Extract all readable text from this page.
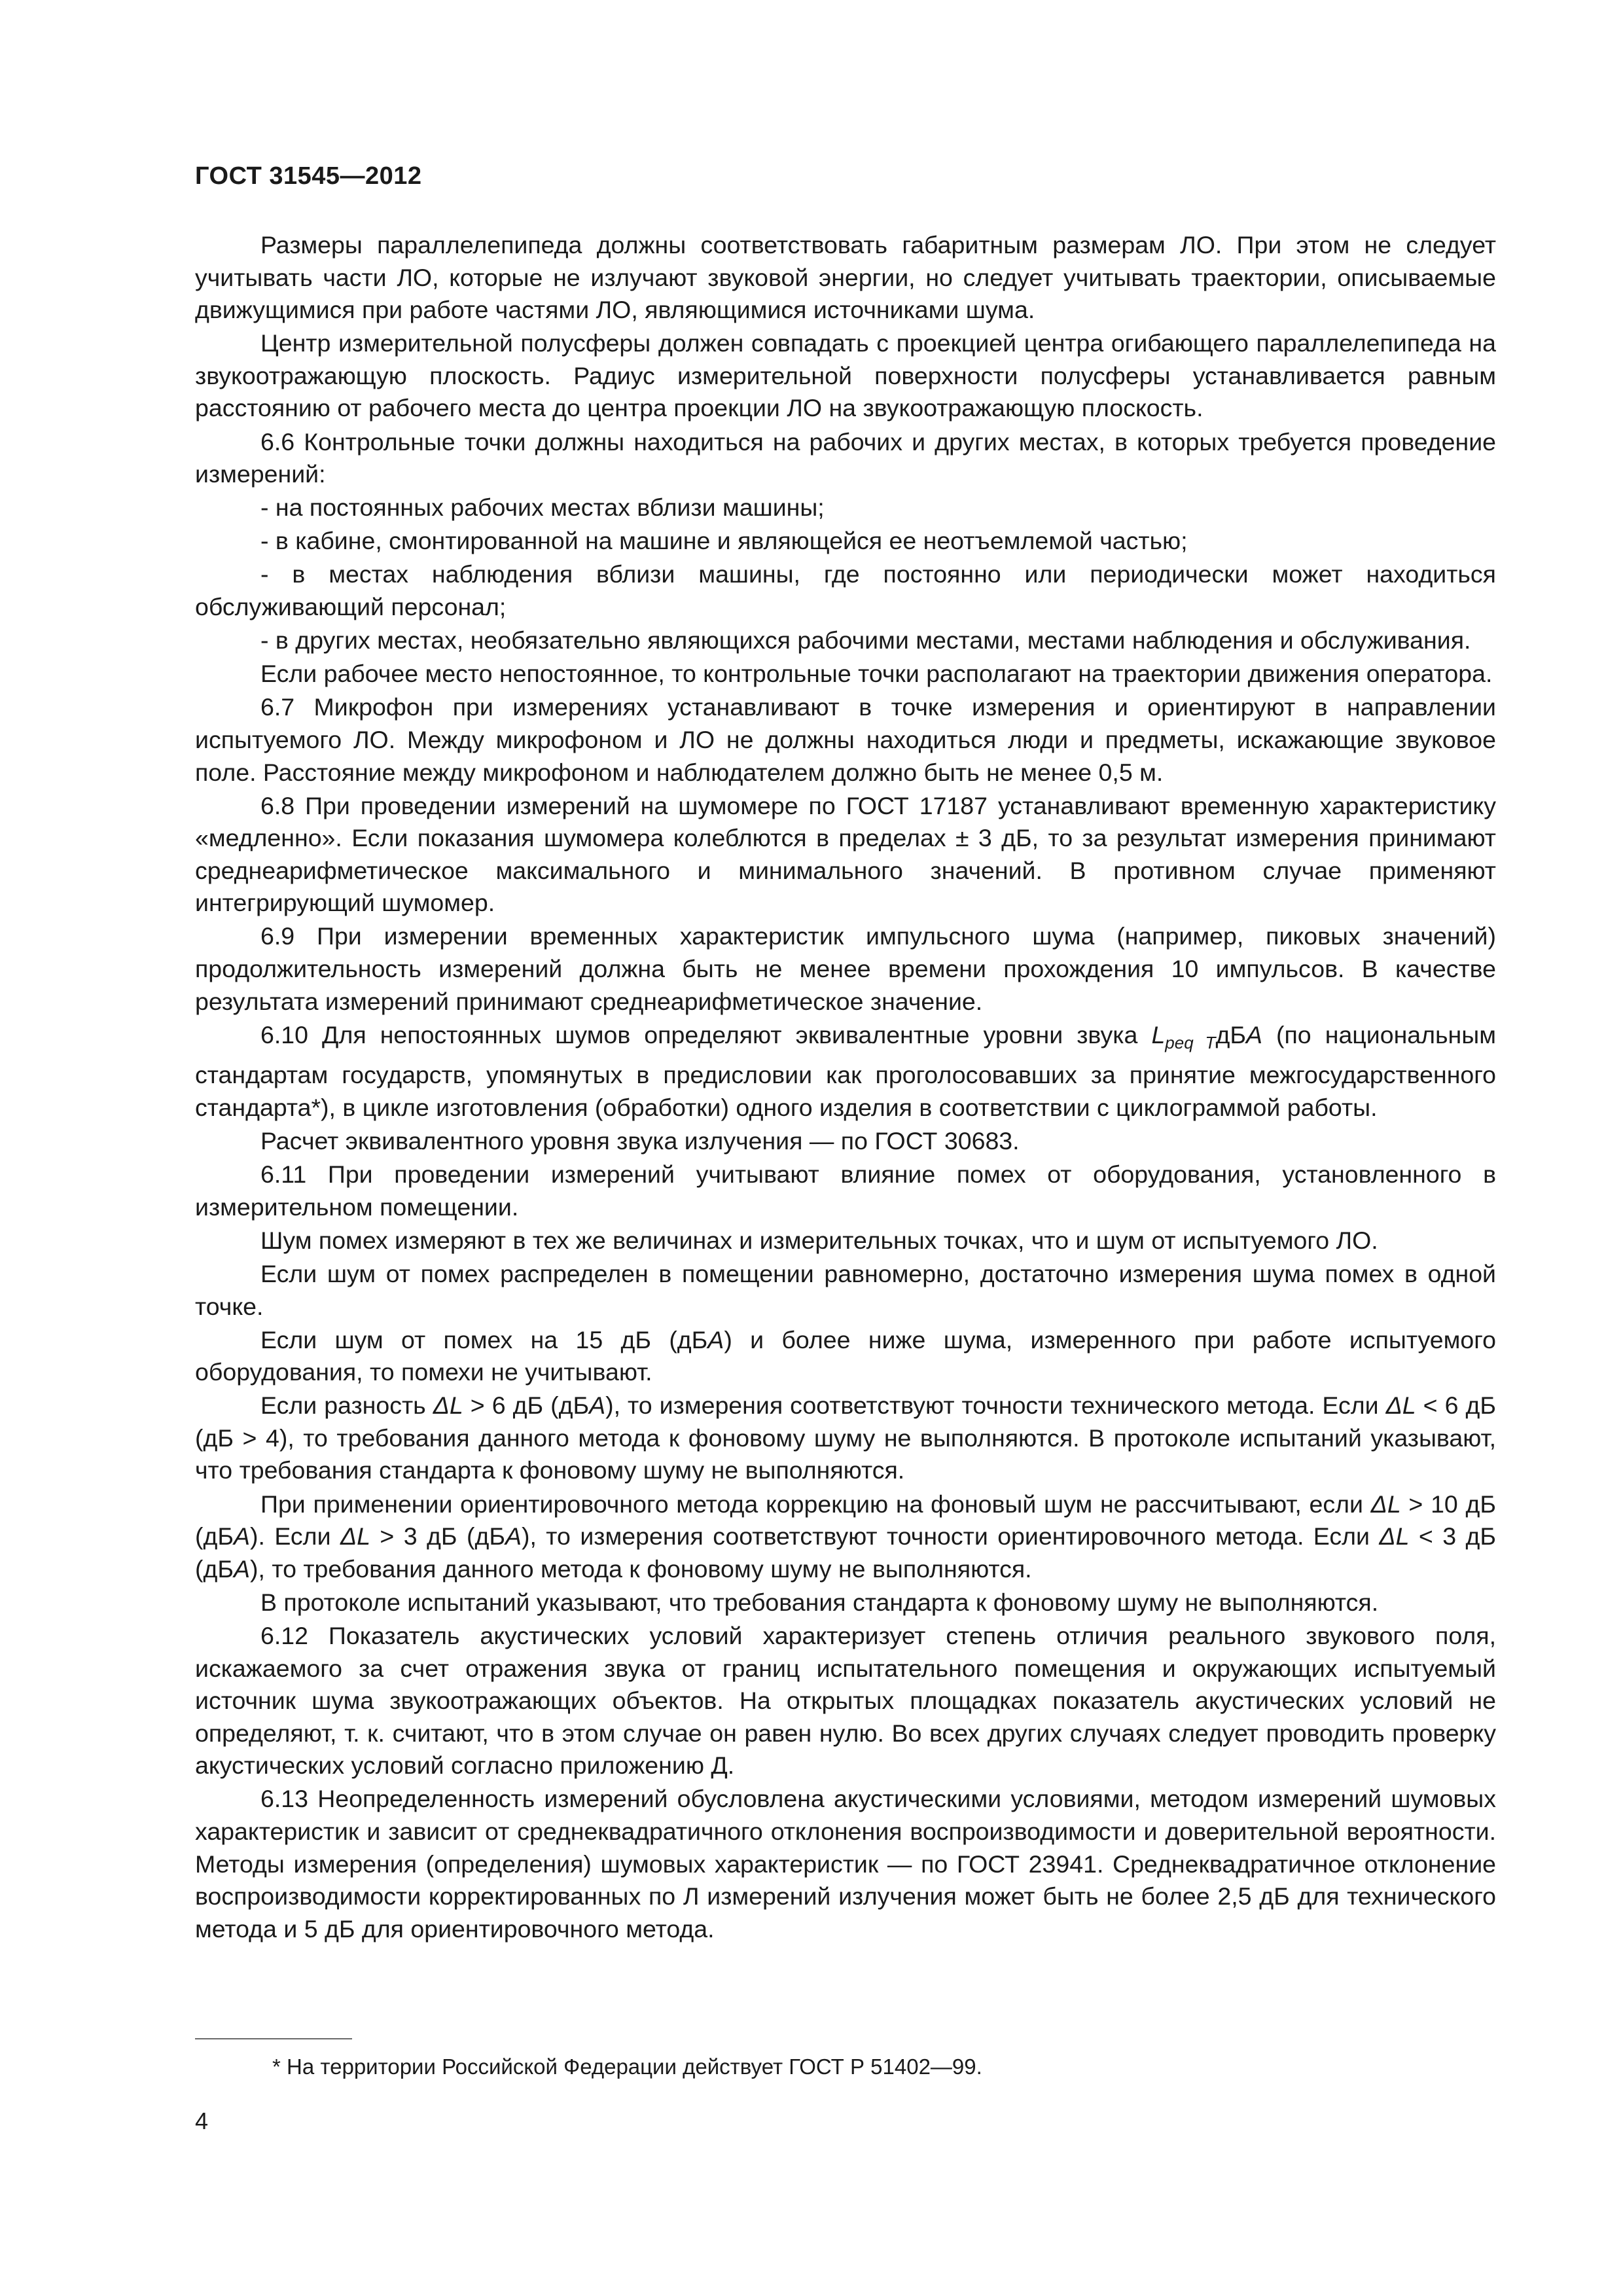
ГОСТ 31545—2012

Размеры параллелепипеда должны соответствовать габаритным размерам ЛО. При этом не следует учитывать части ЛО, которые не излучают звуковой энергии, но следует учитывать траектории, описываемые движущимися при работе частями ЛО, являющимися источниками шума.

Центр измерительной полусферы должен совпадать с проекцией центра огибающего параллелепипеда на звукоотражающую плоскость. Радиус измерительной поверхности полусферы устанавливается равным расстоянию от рабочего места до центра проекции ЛО на звукоотражающую плоскость.

6.6 Контрольные точки должны находиться на рабочих и других местах, в которых требуется проведение измерений:

- на постоянных рабочих местах вблизи машины;

- в кабине, смонтированной на машине и являющейся ее неотъемлемой частью;

- в местах наблюдения вблизи машины, где постоянно или периодически может находиться обслуживающий персонал;

- в других местах, необязательно являющихся рабочими местами, местами наблюдения и обслуживания.

Если рабочее место непостоянное, то контрольные точки располагают на траектории движения оператора.

6.7 Микрофон при измерениях устанавливают в точке измерения и ориентируют в направлении испытуемого ЛО. Между микрофоном и ЛО не должны находиться люди и предметы, искажающие звуковое поле. Расстояние между микрофоном и наблюдателем должно быть не менее 0,5 м.

6.8 При проведении измерений на шумомере по ГОСТ 17187 устанавливают временную характеристику «медленно». Если показания шумомера колеблются в пределах ± 3 дБ, то за результат измерения принимают среднеарифметическое максимального и минимального значений. В противном случае применяют интегрирующий шумомер.

6.9 При измерении временных характеристик импульсного шума (например, пиковых значений) продолжительность измерений должна быть не менее времени прохождения 10 импульсов. В качестве результата измерений принимают среднеарифметическое значение.

6.10 Для непостоянных шумов определяют эквивалентные уровни звука $L_{peq T}дБA$ (по национальным стандартам государств, упомянутых в предисловии как проголосовавших за принятие межгосударственного стандарта*), в цикле изготовления (обработки) одного изделия в соответствии с циклограммой работы.

Расчет эквивалентного уровня звука излучения — по ГОСТ 30683.

6.11 При проведении измерений учитывают влияние помех от оборудования, установленного в измерительном помещении.

Шум помех измеряют в тех же величинах и измерительных точках, что и шум от испытуемого ЛО.

Если шум от помех распределен в помещении равномерно, достаточно измерения шума помех в одной точке.

Если шум от помех на 15 дБ (дБA) и более ниже шума, измеренного при работе испытуемого оборудования, то помехи не учитывают.

Если разность ΔL > 6 дБ (дБA), то измерения соответствуют точности технического метода. Если ΔL < 6 дБ (дБ > 4), то требования данного метода к фоновому шуму не выполняются. В протоколе испытаний указывают, что требования стандарта к фоновому шуму не выполняются.

При применении ориентировочного метода коррекцию на фоновый шум не рассчитывают, если ΔL > 10 дБ (дБA). Если ΔL > 3 дБ (дБA), то измерения соответствуют точности ориентировочного метода. Если ΔL < 3 дБ (дБA), то требования данного метода к фоновому шуму не выполняются.

В протоколе испытаний указывают, что требования стандарта к фоновому шуму не выполняются.

6.12 Показатель акустических условий характеризует степень отличия реального звукового поля, искажаемого за счет отражения звука от границ испытательного помещения и окружающих испытуемый источник шума звукоотражающих объектов. На открытых площадках показатель акустических условий не определяют, т. к. считают, что в этом случае он равен нулю. Во всех других случаях следует проводить проверку акустических условий согласно приложению Д.

6.13 Неопределенность измерений обусловлена акустическими условиями, методом измерений шумовых характеристик и зависит от среднеквадратичного отклонения воспроизводимости и доверительной вероятности. Методы измерения (определения) шумовых характеристик — по ГОСТ 23941. Среднеквадратичное отклонение воспроизводимости корректированных по Л измерений излучения может быть не более 2,5 дБ для технического метода и 5 дБ для ориентировочного метода.

* На территории Российской Федерации действует ГОСТ Р 51402—99.

4
